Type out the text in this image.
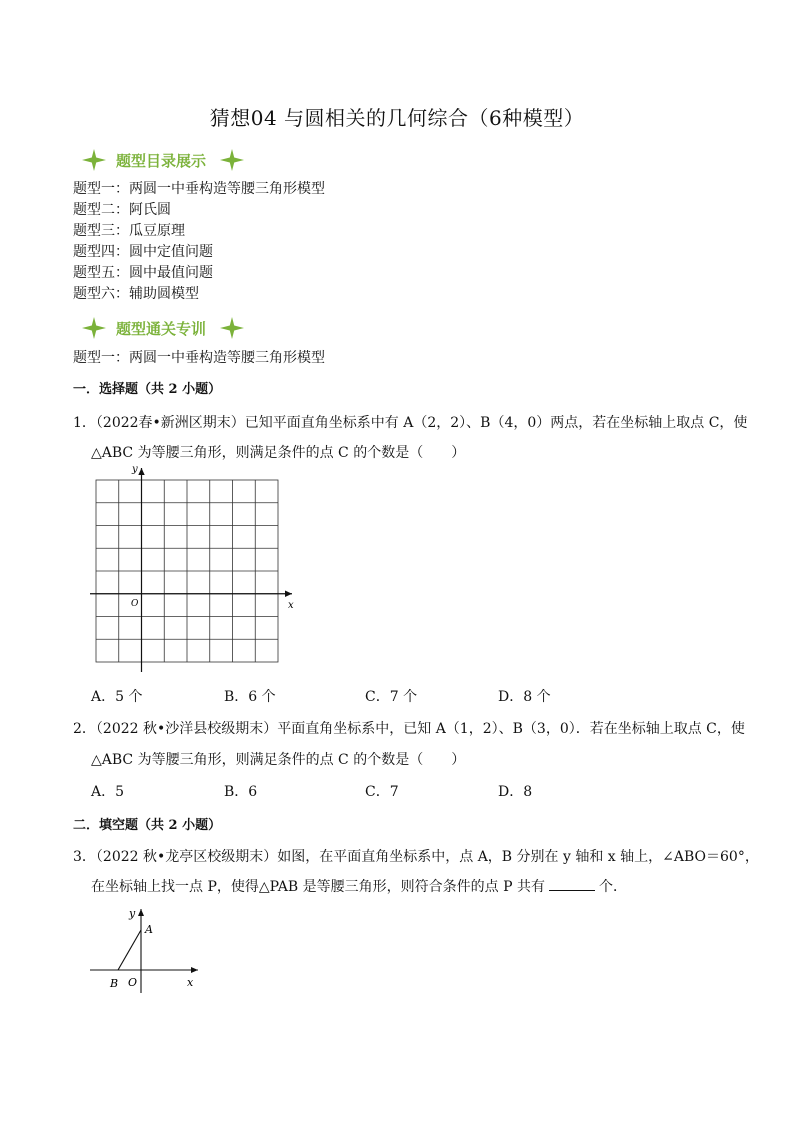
猜想04 与圆相关的几何综合（6种模型）
题型目录展示
题型一：两圆一中垂构造等腰三角形模型
题型二：阿氏圆
题型三：瓜豆原理
题型四：圆中定值问题
题型五：圆中最值问题
题型六：辅助圆模型
题型通关专训
题型一：两圆一中垂构造等腰三角形模型
一．选择题（共 2 小题）
1．（2022春•新洲区期末）已知平面直角坐标系中有 A（2，2）、B（4，0）两点，若在坐标轴上取点 C，使
△ABC 为等腰三角形，则满足条件的点 C 的个数是（　　）
y
x
O
A．5 个	B．6 个	C．7 个	D．8 个
2．（2022 秋•沙洋县校级期末）平面直角坐标系中，已知 A（1，2）、B（3，0）．若在坐标轴上取点 C，使
△ABC 为等腰三角形，则满足条件的点 C 的个数是（　　）
A．5	B．6	C．7	D．8
二．填空题（共 2 小题）
3．（2022 秋•龙亭区校级期末）如图，在平面直角坐标系中，点 A，B 分别在 y 轴和 x 轴上，∠ABO＝60°，
在坐标轴上找一点 P，使得△PAB 是等腰三角形，则符合条件的点 P 共有	个．
y
x
A
B O
